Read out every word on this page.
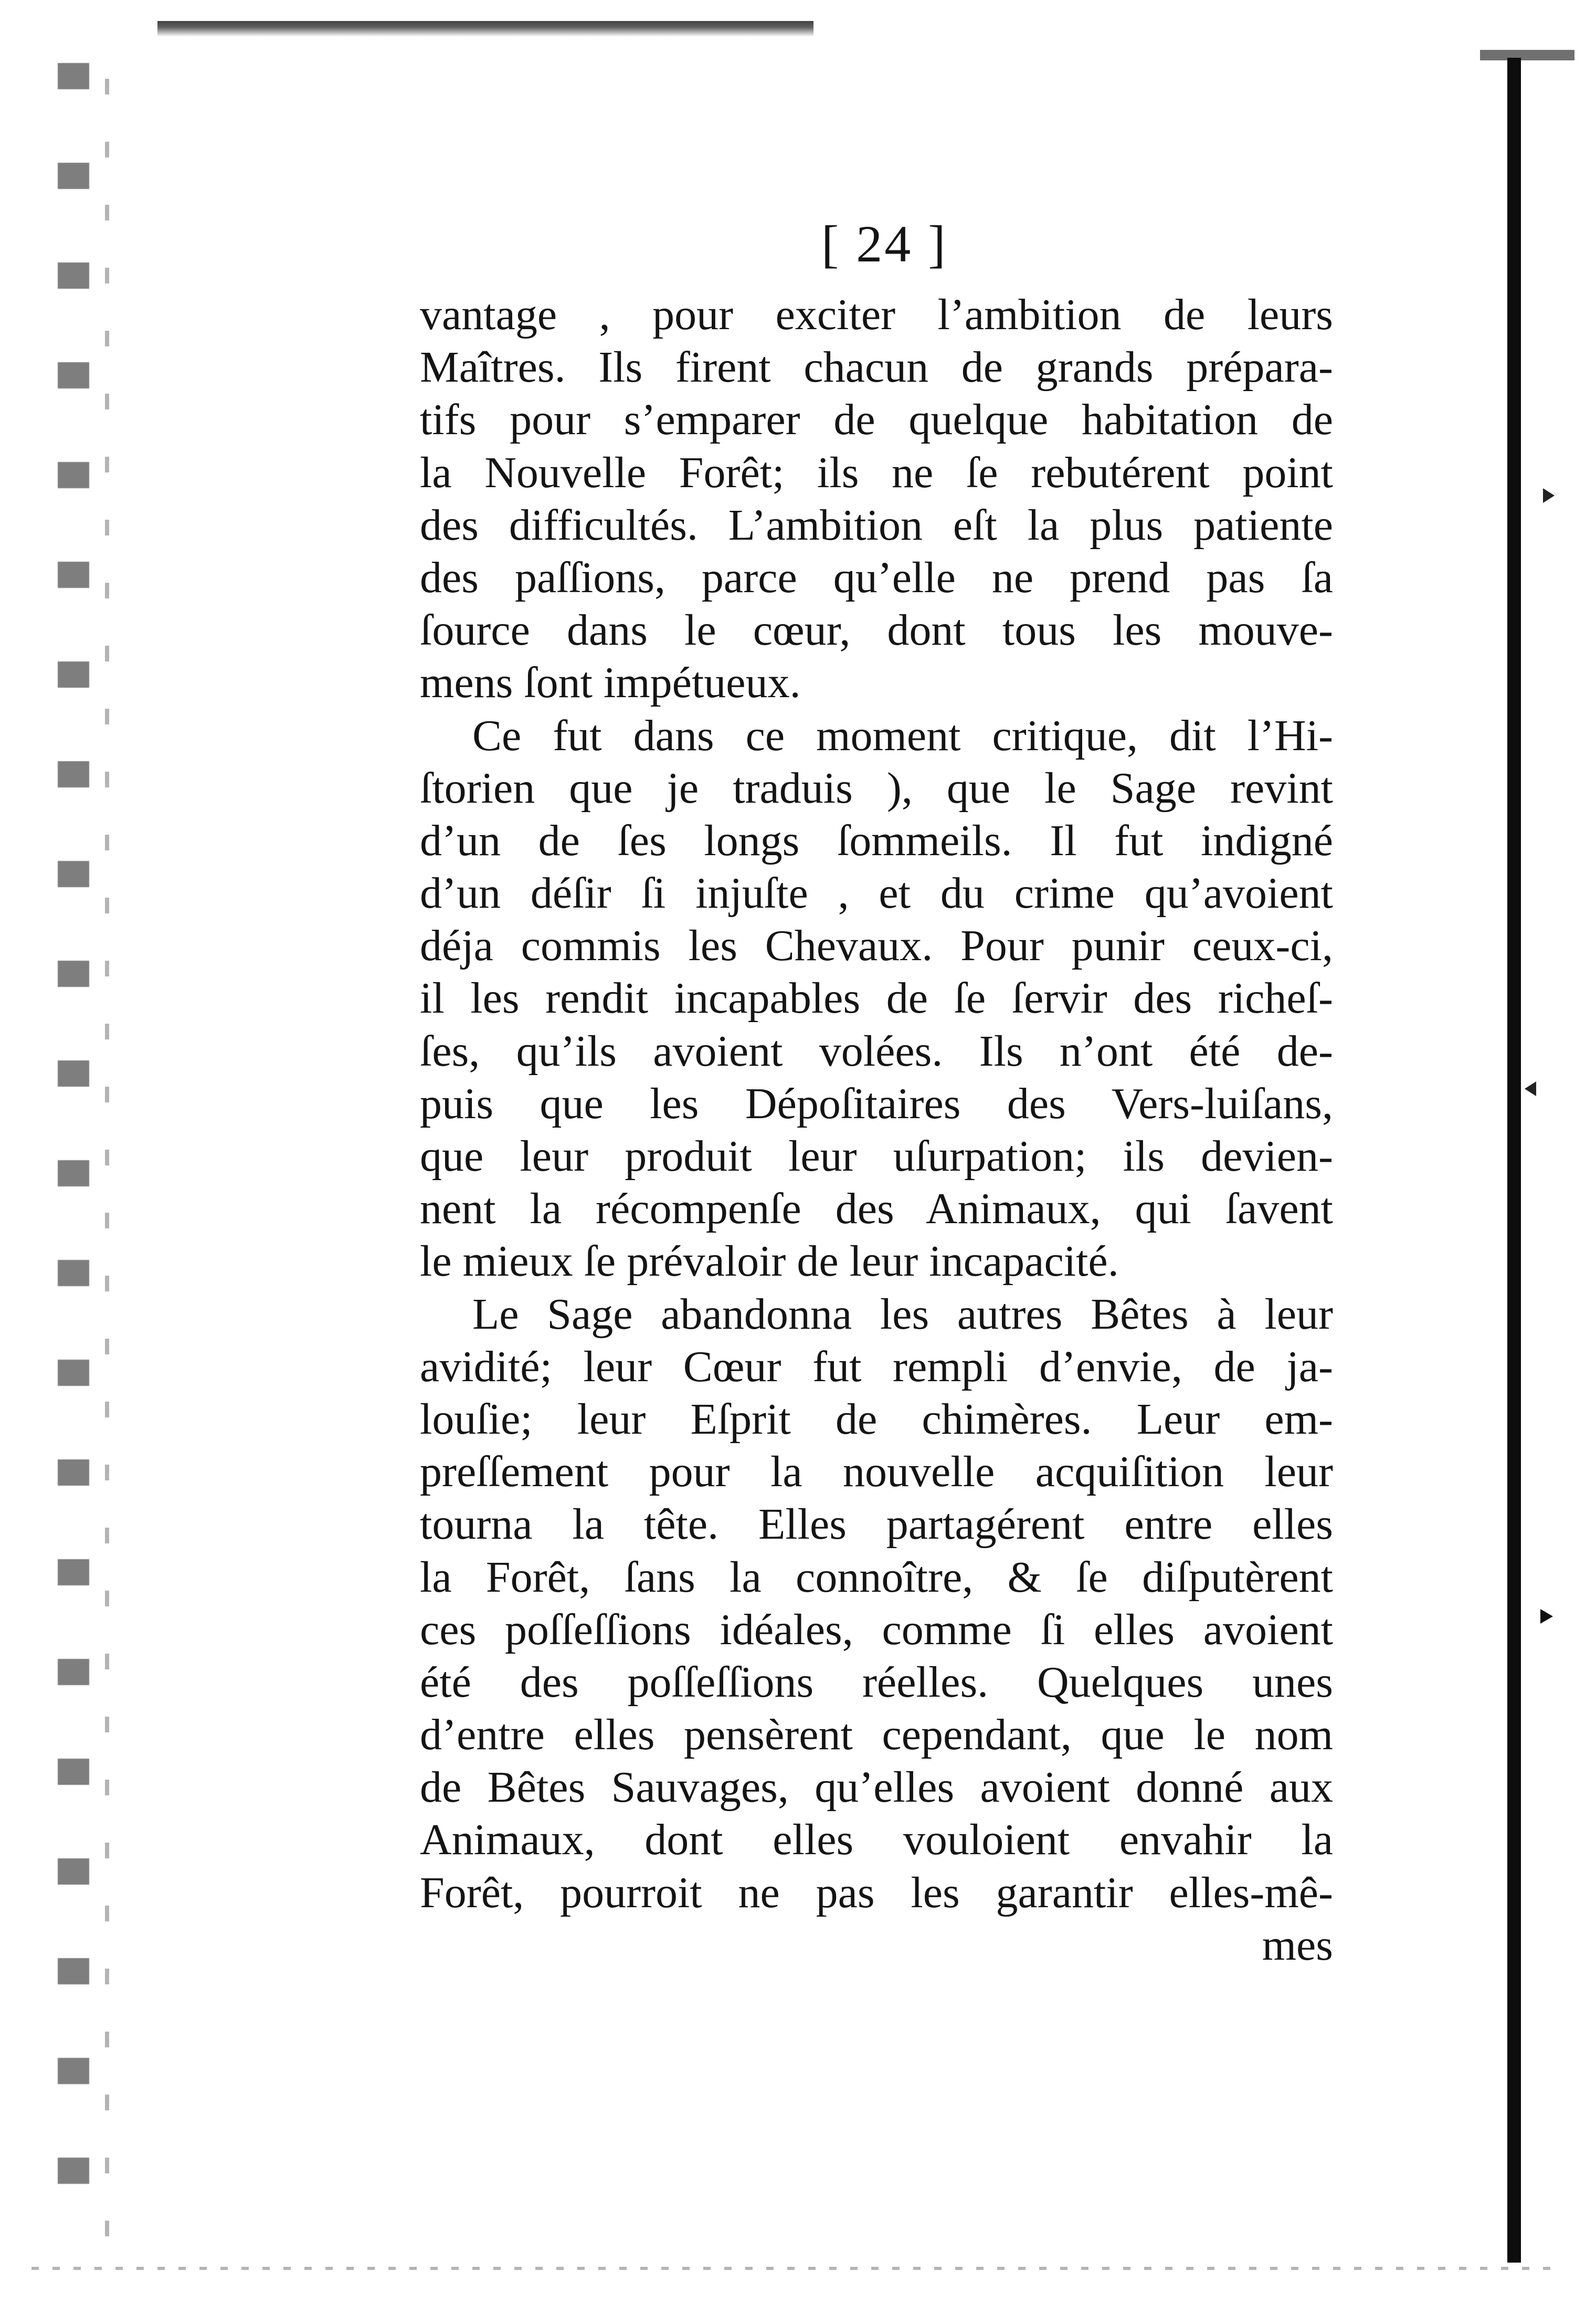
[ 24 ]
vantage , pour exciter l’ambition de leurs
Maîtres. Ils firent chacun de grands prépara-
tifs pour s’emparer de quelque habitation de
la Nouvelle Forêt; ils ne ſe rebutérent point
des difficultés. L’ambition eſt la plus patiente
des paſſions, parce qu’elle ne prend pas ſa
ſource dans le cœur, dont tous les mouve-
mens ſont impétueux.
Ce fut dans ce moment critique, dit l’Hi-
ſtorien que je traduis ), que le Sage revint
d’un de ſes longs ſommeils. Il fut indigné
d’un déſir ſi injuſte , et du crime qu’avoient
déja commis les Chevaux. Pour punir ceux-ci,
il les rendit incapables de ſe ſervir des richeſ-
ſes, qu’ils avoient volées. Ils n’ont été de-
puis que les Dépoſitaires des Vers-luiſans,
que leur produit leur uſurpation; ils devien-
nent la récompenſe des Animaux, qui ſavent
le mieux ſe prévaloir de leur incapacité.
Le Sage abandonna les autres Bêtes à leur
avidité; leur Cœur fut rempli d’envie, de ja-
louſie; leur Eſprit de chimères. Leur em-
preſſement pour la nouvelle acquiſition leur
tourna la tête. Elles partagérent entre elles
la Forêt, ſans la connoître, & ſe diſputèrent
ces poſſeſſions idéales, comme ſi elles avoient
été des poſſeſſions réelles. Quelques unes
d’entre elles pensèrent cependant, que le nom
de Bêtes Sauvages, qu’elles avoient donné aux
Animaux, dont elles vouloient envahir la
Forêt, pourroit ne pas les garantir elles-mê-
mes
